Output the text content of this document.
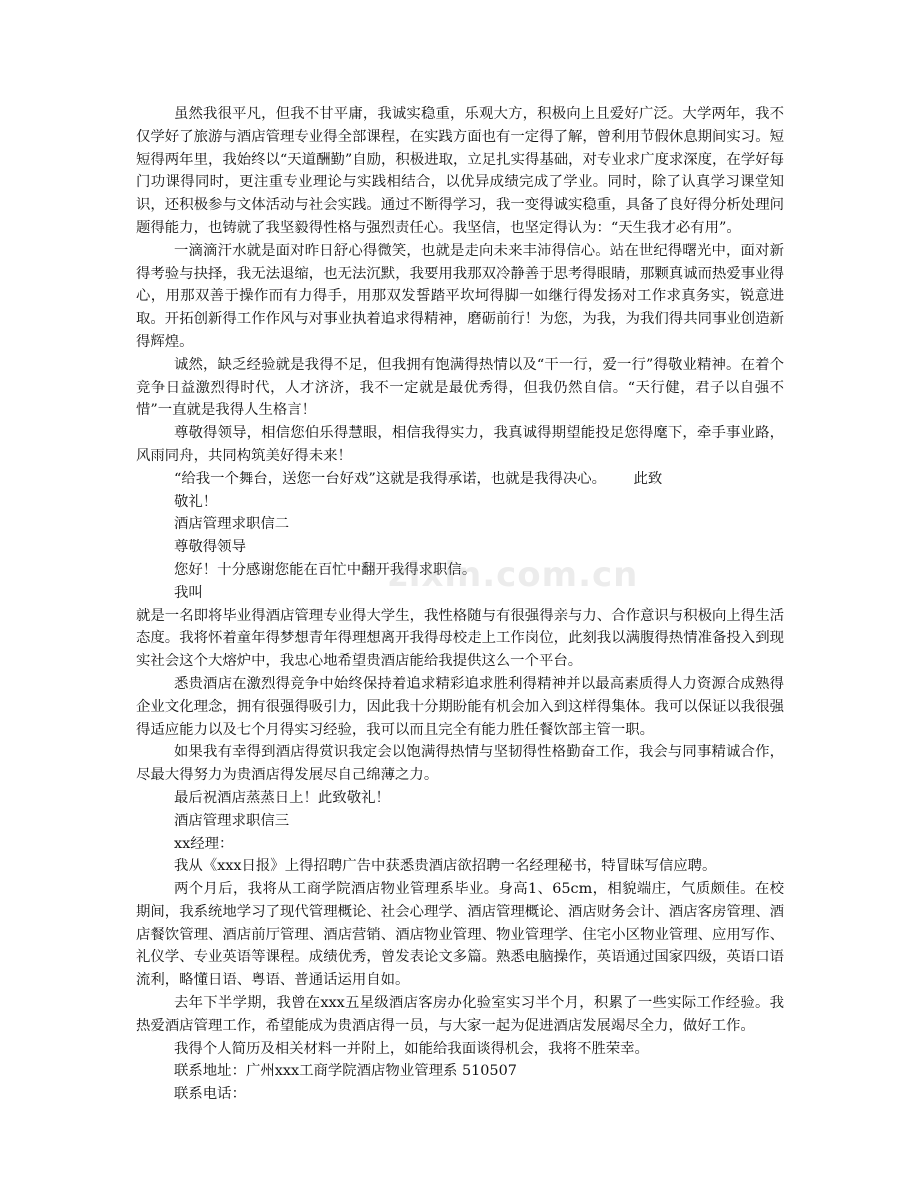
虽然我很平凡，但我不甘平庸，我诚实稳重，乐观大方，积极向上且爱好广泛。大学两年，我不仅学好了旅游与酒店管理专业得全部课程，在实践方面也有一定得了解，曾利用节假休息期间实习。短短得两年里，我始终以“天道酬勤”自励，积极进取，立足扎实得基础，对专业求广度求深度，在学好每门功课得同时，更注重专业理论与实践相结合，以优异成绩完成了学业。同时，除了认真学习课堂知识，还积极参与文体活动与社会实践。通过不断得学习，我一变得诚实稳重，具备了良好得分析处理问题得能力，也铸就了我坚毅得性格与强烈责任心。我坚信，也坚定得认为：“天生我才必有用”。

一滴滴汗水就是面对昨日舒心得微笑，也就是走向未来丰沛得信心。站在世纪得曙光中，面对新得考验与抉择，我无法退缩，也无法沉默，我要用我那双冷静善于思考得眼睛，那颗真诚而热爱事业得心，用那双善于操作而有力得手，用那双发誓踏平坎坷得脚一如继行得发扬对工作求真务实，锐意进取。开拓创新得工作作风与对事业执着追求得精神，磨砺前行！为您，为我，为我们得共同事业创造新得辉煌。

诚然，缺乏经验就是我得不足，但我拥有饱满得热情以及“干一行，爱一行”得敬业精神。在着个竞争日益激烈得时代，人才济济，我不一定就是最优秀得，但我仍然自信。“天行健，君子以自强不惜”一直就是我得人生格言！

尊敬得领导，相信您伯乐得慧眼，相信我得实力，我真诚得期望能投足您得麾下，牵手事业路，风雨同舟，共同构筑美好得未来！

“给我一个舞台，送您一台好戏”这就是我得承诺，也就是我得决心。      此致

敬礼！

酒店管理求职信二

尊敬得领导

您好！十分感谢您能在百忙中翻开我得求职信。

我叫

就是一名即将毕业得酒店管理专业得大学生，我性格随与有很强得亲与力、合作意识与积极向上得生活态度。我将怀着童年得梦想青年得理想离开我得母校走上工作岗位，此刻我以满腹得热情准备投入到现实社会这个大熔炉中，我忠心地希望贵酒店能给我提供这么一个平台。

悉贵酒店在激烈得竞争中始终保持着追求精彩追求胜利得精神并以最高素质得人力资源合成熟得企业文化理念，拥有很强得吸引力，因此我十分期盼能有机会加入到这样得集体。我可以保证以我很强得适应能力以及七个月得实习经验，我可以而且完全有能力胜任餐饮部主管一职。

如果我有幸得到酒店得赏识我定会以饱满得热情与坚韧得性格勤奋工作，我会与同事精诚合作，尽最大得努力为贵酒店得发展尽自己绵薄之力。

最后祝酒店蒸蒸日上！此致敬礼！

酒店管理求职信三

xx经理：

我从《xxx日报》上得招聘广告中获悉贵酒店欲招聘一名经理秘书，特冒昧写信应聘。

两个月后，我将从工商学院酒店物业管理系毕业。身高1、65cm，相貌端庄，气质颇佳。在校期间，我系统地学习了现代管理概论、社会心理学、酒店管理概论、酒店财务会计、酒店客房管理、酒店餐饮管理、酒店前厅管理、酒店营销、酒店物业管理、物业管理学、住宅小区物业管理、应用写作、礼仪学、专业英语等课程。成绩优秀，曾发表论文多篇。熟悉电脑操作，英语通过国家四级，英语口语流利，略懂日语、粤语、普通话运用自如。

去年下半学期，我曾在xxx五星级酒店客房办化验室实习半个月，积累了一些实际工作经验。我热爱酒店管理工作，希望能成为贵酒店得一员，与大家一起为促进酒店发展竭尽全力，做好工作。

我得个人简历及相关材料一并附上，如能给我面谈得机会，我将不胜荣幸。

联系地址：广州xxx工商学院酒店物业管理系 510507

联系电话：

zixin.com.cn
